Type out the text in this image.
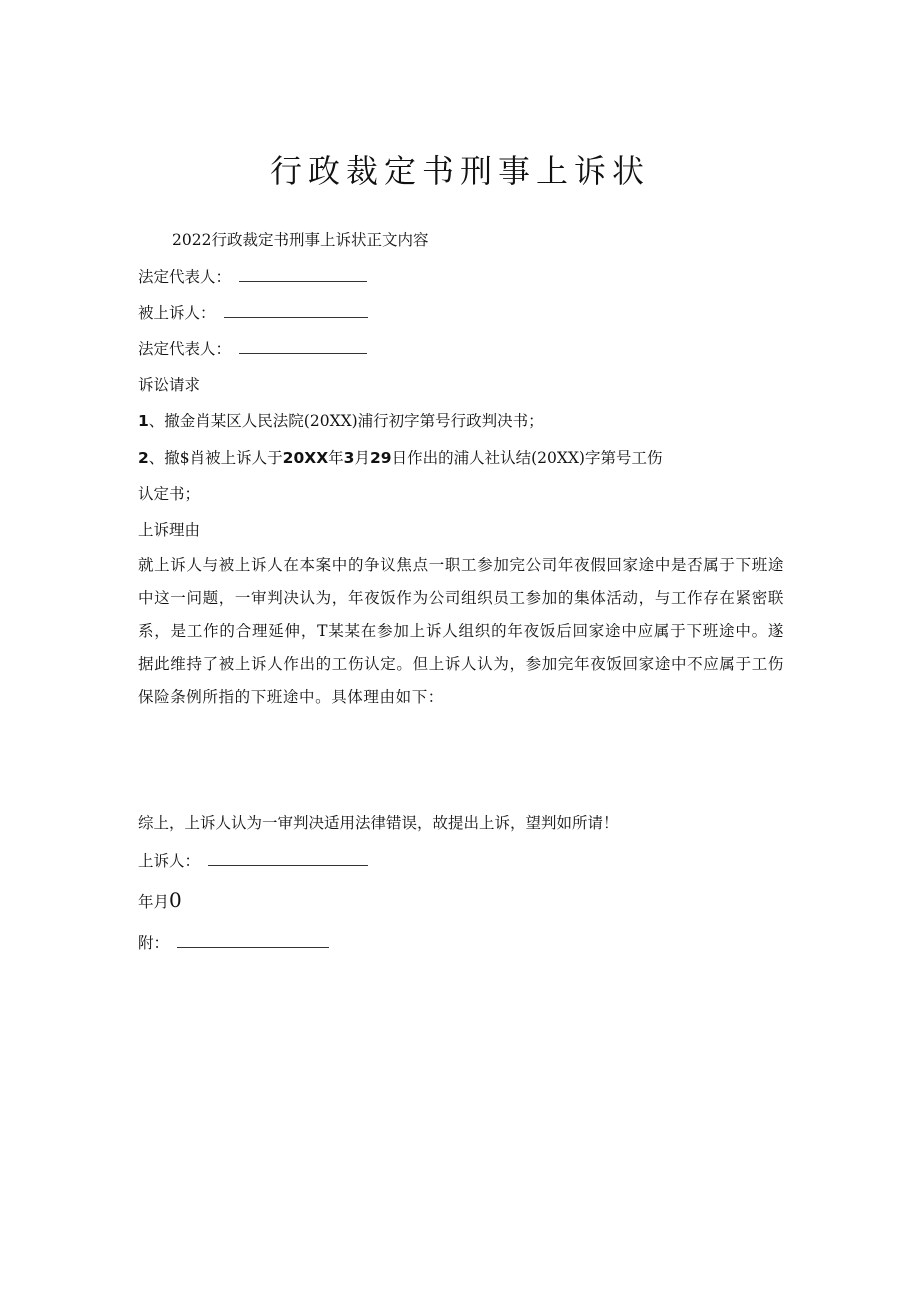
行政裁定书刑事上诉状
2022行政裁定书刑事上诉状正文内容
法定代表人：
被上诉人：
法定代表人：
诉讼请求
1、撤金肖某区人民法院(20XX)浦行初字第号行政判决书；
2、撤$肖被上诉人于20XX年3月29日作出的浦人社认结(20XX)字第号工伤
认定书；
上诉理由
就上诉人与被上诉人在本案中的争议焦点一职工参加完公司年夜假回家途中是否属于下班途中这一问题，一审判决认为，年夜饭作为公司组织员工参加的集体活动，与工作存在紧密联系，是工作的合理延伸，T某某在参加上诉人组织的年夜饭后回家途中应属于下班途中。遂据此维持了被上诉人作出的工伤认定。但上诉人认为，参加完年夜饭回家途中不应属于工伤保险条例所指的下班途中。具体理由如下：
综上，上诉人认为一审判决适用法律错误，故提出上诉，望判如所请！
上诉人：
年月0
附：
